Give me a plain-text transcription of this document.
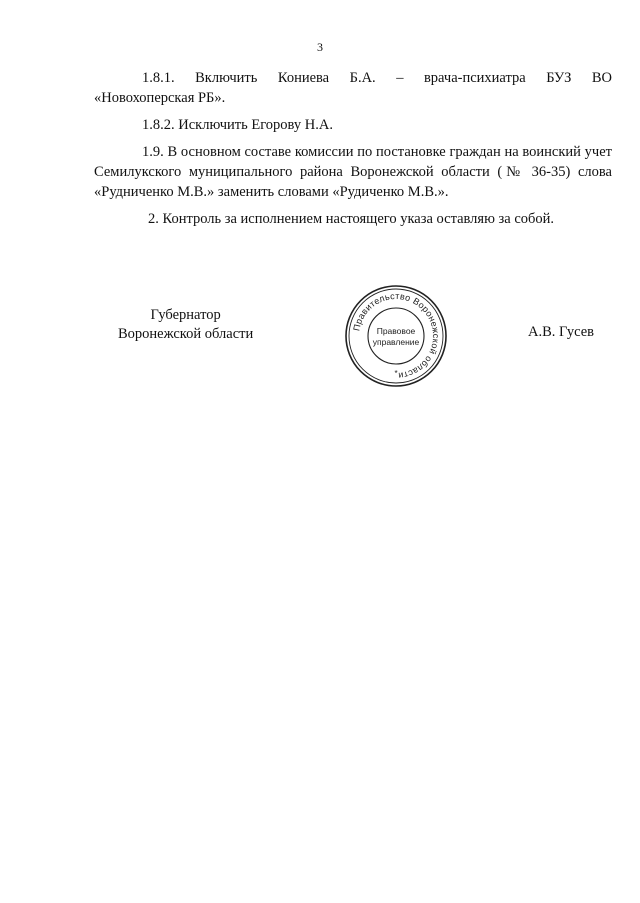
3

1.8.1. Включить Кониева Б.А. – врача-психиатра БУЗ ВО

«Новохоперская РБ».

1.8.2. Исключить Егорову Н.А.

1.9. В основном составе комиссии по постановке граждан на воинский учет Семилукского муниципального района Воронежской области (№ 36-35) слова «Рудниченко М.В.» заменить словами «Рудиченко М.В.».

2. Контроль за исполнением настоящего указа оставляю за собой.

Губернатор
Воронежской области	Правительство Воронежской области
Правовое
управление
*
А.В. Гусев
